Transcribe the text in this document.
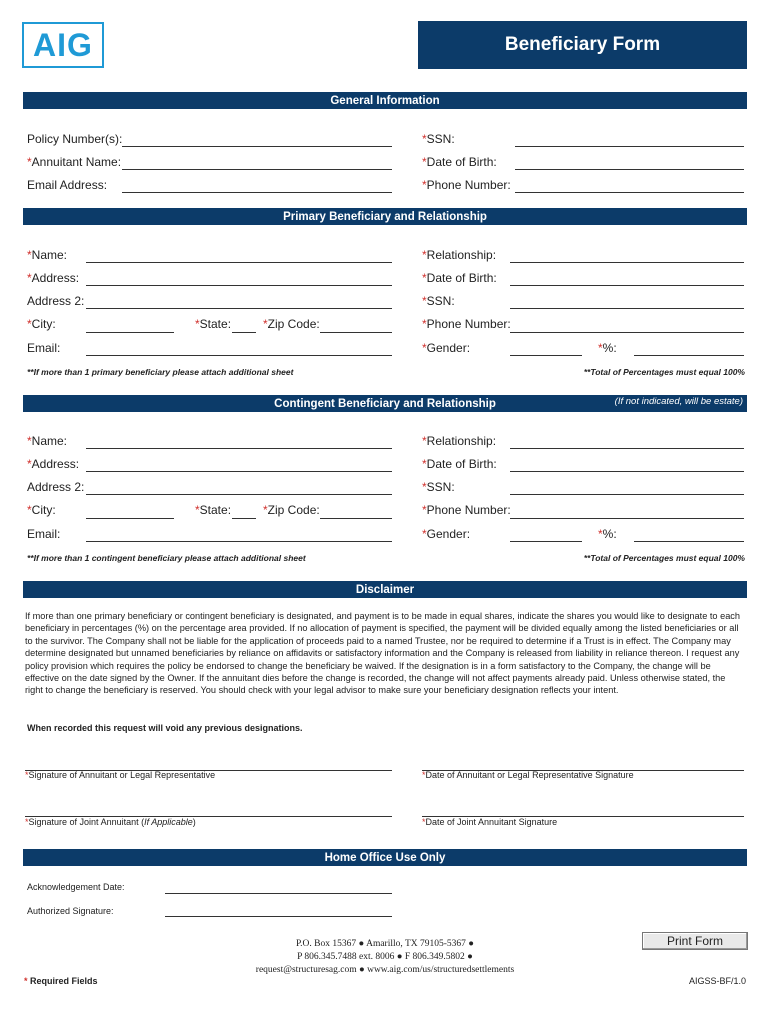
AIG	Beneficiary Form
General Information
Policy Number(s):	*SSN:
*Annuitant Name:	*Date of Birth:
Email Address:	*Phone Number:
Primary Beneficiary and Relationship
*Name:	*Relationship:
*Address:	*Date of Birth:
Address 2:	*SSN:
*City:	*State:	*Zip Code:	*Phone Number:
Email:	*Gender:	*%:
**If more than 1 primary beneficiary please attach additional sheet	**Total of Percentages must equal 100%
Contingent Beneficiary and Relationship	(If not indicated, will be estate)
*Name:	*Relationship:
*Address:	*Date of Birth:
Address 2:	*SSN:
*City:	*State:	*Zip Code:	*Phone Number:
Email:	*Gender:	*%:
**If more than 1 contingent beneficiary please attach additional sheet	**Total of Percentages must equal 100%
Disclaimer
If more than one primary beneficiary or contingent beneficiary is designated, and payment is to be made in equal shares, indicate the shares you would like to designate to each beneficiary in percentages (%) on the percentage area provided. If no allocation of payment is specified, the payment will be divided equally among the listed beneficiaries or all to the survivor. The Company shall not be liable for the application of proceeds paid to a named Trustee, nor be required to determine if a Trust is in effect. The Company may determine designated but unnamed beneficiaries by reliance on affidavits or satisfactory information and the Company is released from liability in reliance thereon. I request any policy provision which requires the policy be endorsed to change the beneficiary be waived. If the designation is in a form satisfactory to the Company, the change will be effective on the date signed by the Owner. If the annuitant dies before the change is recorded, the change will not affect payments already paid. Unless otherwise stated, the right to change the beneficiary is reserved. You should check with your legal advisor to make sure your beneficiary designation reflects your intent.
When recorded this request will void any previous designations.
*Signature of Annuitant or Legal Representative	*Date of Annuitant or Legal Representative Signature
*Signature of Joint Annuitant (If Applicable)	*Date of Joint Annuitant Signature
Home Office Use Only
Acknowledgement Date:
Authorized Signature:
P.O. Box 15367 ● Amarillo, TX 79105-5367 ●
P 806.345.7488 ext. 8006 ● F 806.349.5802 ●
request@structuresag.com ● www.aig.com/us/structuredsettlements
Print Form
* Required Fields	AIGSS-BF/1.0
